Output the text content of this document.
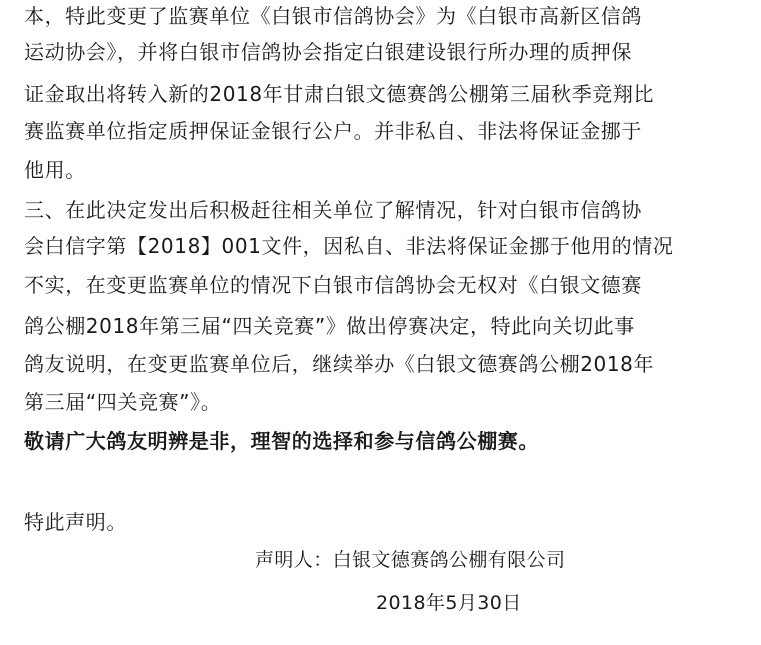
本，特此变更了监赛单位《白银市信鸽协会》为《白银市高新区信鸽

运动协会》，并将白银市信鸽协会指定白银建设银行所办理的质押保

证金取出将转入新的2018年甘肃白银文德赛鸽公棚第三届秋季竞翔比

赛监赛单位指定质押保证金银行公户。并非私自、非法将保证金挪于

他用。

三、在此决定发出后积极赶往相关单位了解情况，针对白银市信鸽协

会白信字第【2018】001文件，因私自、非法将保证金挪于他用的情况

不实，在变更监赛单位的情况下白银市信鸽协会无权对《白银文德赛

鸽公棚2018年第三届“四关竞赛”》做出停赛决定，特此向关切此事

鸽友说明，在变更监赛单位后，继续举办《白银文德赛鸽公棚2018年

第三届“四关竞赛”》。

敬请广大鸽友明辨是非，理智的选择和参与信鸽公棚赛。

特此声明。

声明人：白银文德赛鸽公棚有限公司

2018年5月30日
